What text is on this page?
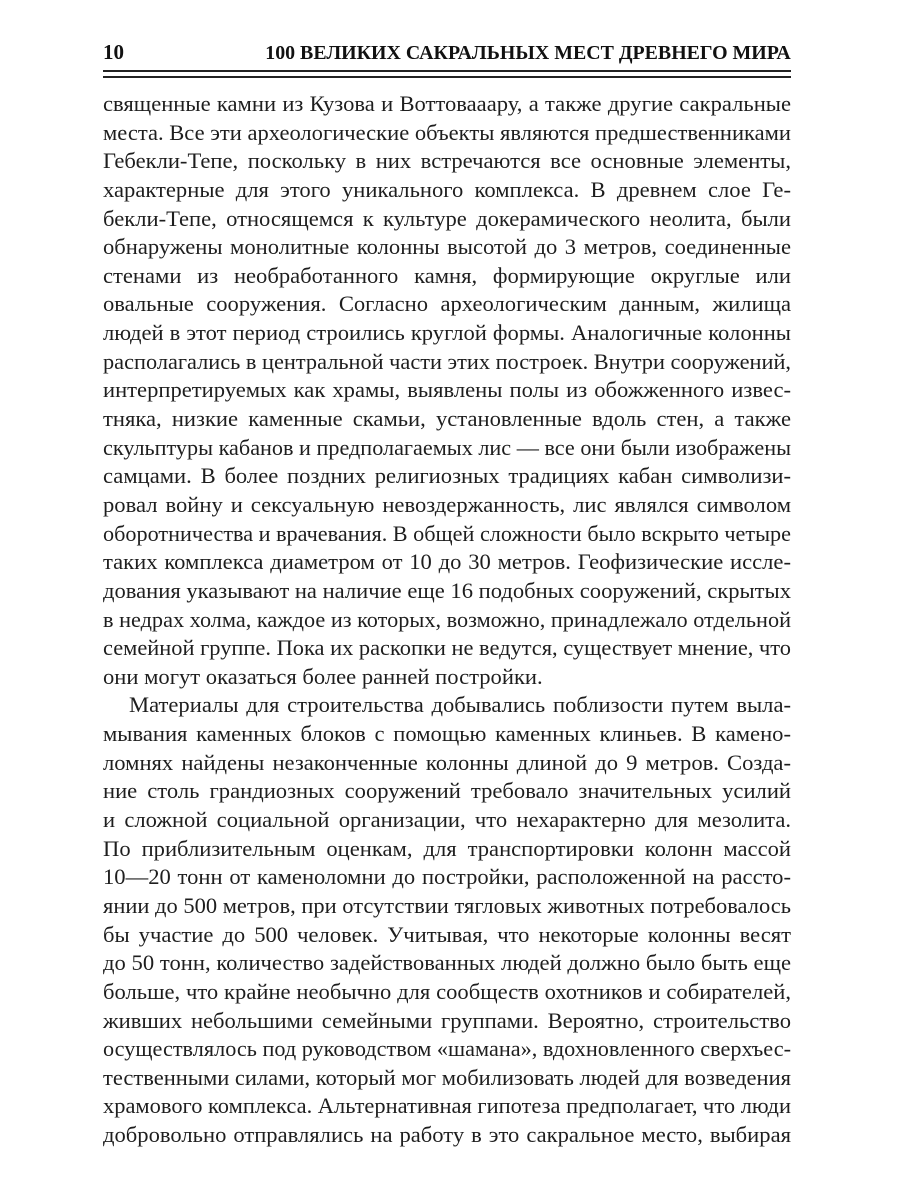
10	100 ВЕЛИКИХ САКРАЛЬНЫХ МЕСТ ДРЕВНЕГО МИРА
священные камни из Кузова и Воттовааару, а также другие сакральные
места. Все эти археологические объекты являются предшественниками
Гебекли-Тепе, поскольку в них встречаются все основные элементы,
характерные для этого уникального комплекса. В древнем слое Ге-
бекли-Тепе, относящемся к культуре докерамического неолита, были
обнаружены монолитные колонны высотой до 3 метров, соединенные
стенами из необработанного камня, формирующие округлые или
овальные сооружения. Согласно археологическим данным, жилища
людей в этот период строились круглой формы. Аналогичные колонны
располагались в центральной части этих построек. Внутри сооружений,
интерпретируемых как храмы, выявлены полы из обожженного извес-
тняка, низкие каменные скамьи, установленные вдоль стен, а также
скульптуры кабанов и предполагаемых лис — все они были изображены
самцами. В более поздних религиозных традициях кабан символизи-
ровал войну и сексуальную невоздержанность, лис являлся символом
оборотничества и врачевания. В общей сложности было вскрыто четыре
таких комплекса диаметром от 10 до 30 метров. Геофизические иссле-
дования указывают на наличие еще 16 подобных сооружений, скрытых
в недрах холма, каждое из которых, возможно, принадлежало отдельной
семейной группе. Пока их раскопки не ведутся, существует мнение, что
они могут оказаться более ранней постройки.
Материалы для строительства добывались поблизости путем выла-
мывания каменных блоков с помощью каменных клиньев. В камено-
ломнях найдены незаконченные колонны длиной до 9 метров. Созда-
ние столь грандиозных сооружений требовало значительных усилий
и сложной социальной организации, что нехарактерно для мезолита.
По приблизительным оценкам, для транспортировки колонн массой
10—20 тонн от каменоломни до постройки, расположенной на рассто-
янии до 500 метров, при отсутствии тягловых животных потребовалось
бы участие до 500 человек. Учитывая, что некоторые колонны весят
до 50 тонн, количество задействованных людей должно было быть еще
больше, что крайне необычно для сообществ охотников и собирателей,
живших небольшими семейными группами. Вероятно, строительство
осуществлялось под руководством «шамана», вдохновленного сверхъес-
тественными силами, который мог мобилизовать людей для возведения
храмового комплекса. Альтернативная гипотеза предполагает, что люди
добровольно отправлялись на работу в это сакральное место, выбирая
